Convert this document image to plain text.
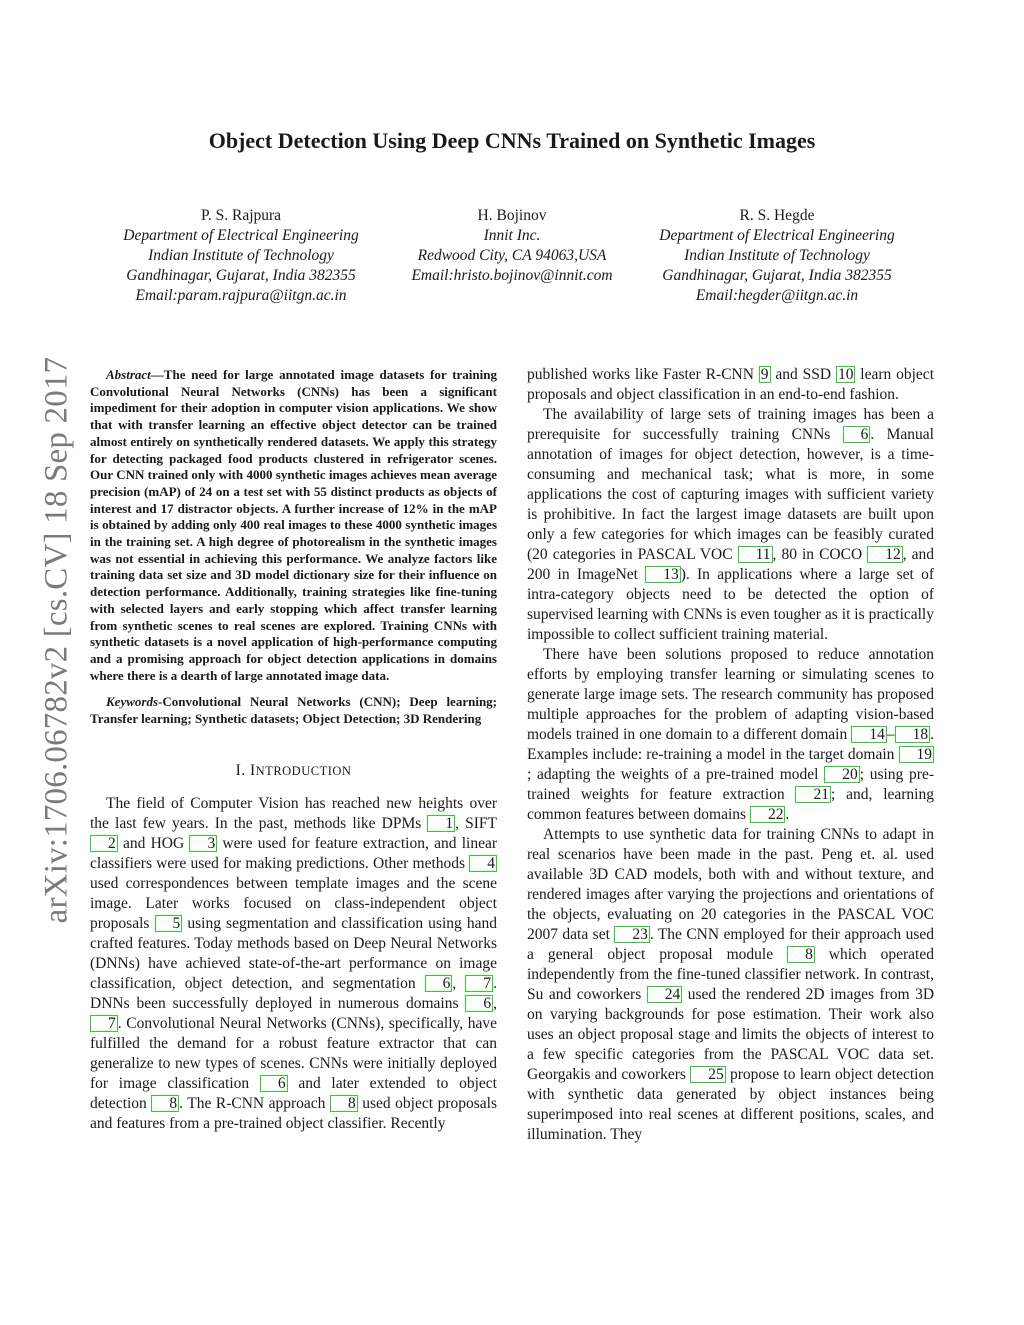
arXiv:1706.06782v2 [cs.CV] 18 Sep 2017
Object Detection Using Deep CNNs Trained on Synthetic Images
P. S. Rajpura
Department of Electrical Engineering
Indian Institute of Technology
Gandhinagar, Gujarat, India 382355
Email:param.rajpura@iitgn.ac.in
H. Bojinov
Innit Inc.
Redwood City, CA 94063,USA
Email:hristo.bojinov@innit.com
R. S. Hegde
Department of Electrical Engineering
Indian Institute of Technology
Gandhinagar, Gujarat, India 382355
Email:hegder@iitgn.ac.in

Abstract—The need for large annotated image datasets for training Convolutional Neural Networks (CNNs) has been a significant impediment for their adoption in computer vision applications. We show that with transfer learning an effective object detector can be trained almost entirely on synthetically rendered datasets. We apply this strategy for detecting packaged food products clustered in refrigerator scenes. Our CNN trained only with 4000 synthetic images achieves mean average precision (mAP) of 24 on a test set with 55 distinct products as objects of interest and 17 distractor objects. A further increase of 12% in the mAP is obtained by adding only 400 real images to these 4000 synthetic images in the training set. A high degree of photorealism in the synthetic images was not essential in achieving this performance. We analyze factors like training data set size and 3D model dictionary size for their influence on detection performance. Additionally, training strategies like fine-tuning with selected layers and early stopping which affect transfer learning from synthetic scenes to real scenes are explored. Training CNNs with synthetic datasets is a novel application of high-performance computing and a promising approach for object detection applications in domains where there is a dearth of large annotated image data.

Keywords-Convolutional Neural Networks (CNN); Deep learning; Transfer learning; Synthetic datasets; Object Detection; 3D Rendering

I. INTRODUCTION

The field of Computer Vision has reached new heights over the last few years. In the past, methods like DPMs 1 , SIFT 2 and HOG 3 were used for feature extraction, and linear classifiers were used for making predictions. Other methods 4 used correspondences between template images and the scene image. Later works focused on class-independent object proposals 5 using segmentation and classification using hand crafted features. Today methods based on Deep Neural Networks (DNNs) have achieved state-of-the-art performance on image classification, object detection, and segmentation 6 , 7 . DNNs been successfully deployed in numerous domains 6 , 7 . Convolutional Neural Networks (CNNs), specifically, have fulfilled the demand for a robust feature extractor that can generalize to new types of scenes. CNNs were initially deployed for image classification 6 and later extended to object detection 8 . The R-CNN approach 8 used object proposals and features from a pre-trained object classifier. Recently

published works like Faster R-CNN 9 and SSD 10 learn object proposals and object classification in an end-to-end fashion.

The availability of large sets of training images has been a prerequisite for successfully training CNNs 6 . Manual annotation of images for object detection, however, is a time-consuming and mechanical task; what is more, in some applications the cost of capturing images with sufficient variety is prohibitive. In fact the largest image datasets are built upon only a few categories for which images can be feasibly curated (20 categories in PASCAL VOC 11 , 80 in COCO 12 , and 200 in ImageNet 13 ). In applications where a large set of intra-category objects need to be detected the option of supervised learning with CNNs is even tougher as it is practically impossible to collect sufficient training material.

There have been solutions proposed to reduce annotation efforts by employing transfer learning or simulating scenes to generate large image sets. The research community has proposed multiple approaches for the problem of adapting vision-based models trained in one domain to a different domain 14 – 18 . Examples include: re-training a model in the target domain 19; adapting the weights of a pre-trained model 20 ; using pre-trained weights for feature extraction 21 ; and, learning common features between domains 22 .

Attempts to use synthetic data for training CNNs to adapt in real scenarios have been made in the past. Peng et. al. used available 3D CAD models, both with and without texture, and rendered images after varying the projections and orientations of the objects, evaluating on 20 categories in the PASCAL VOC 2007 data set 23 . The CNN employed for their approach used a general object proposal module 8 which operated independently from the fine-tuned classifier network. In contrast, Su and coworkers 24 used the rendered 2D images from 3D on varying backgrounds for pose estimation. Their work also uses an object proposal stage and limits the objects of interest to a few specific categories from the PASCAL VOC data set. Georgakis and coworkers 25 propose to learn object detection with synthetic data generated by object instances being superimposed into real scenes at different positions, scales, and illumination. They
